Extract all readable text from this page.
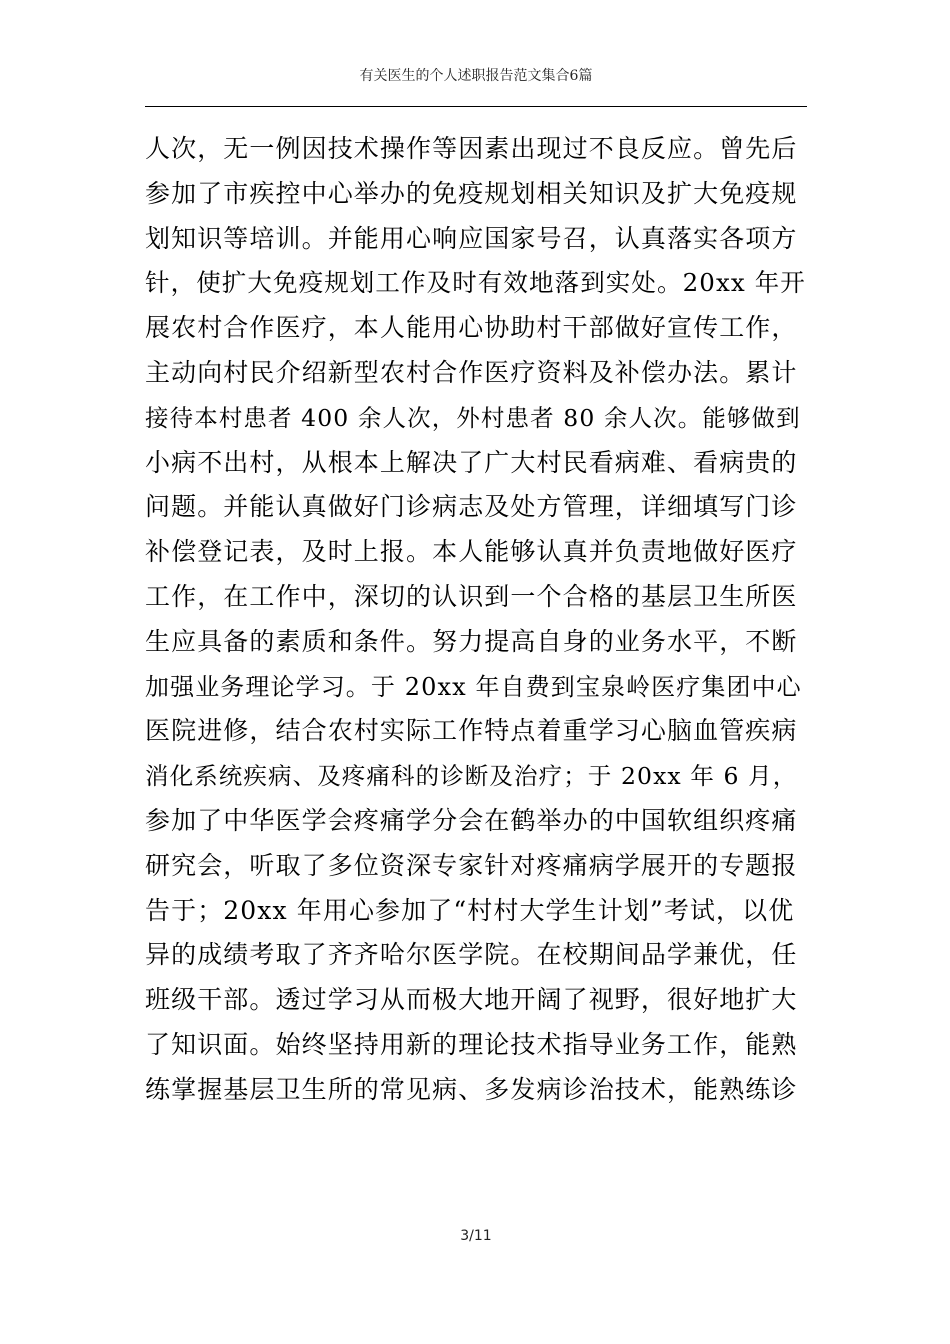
有关医生的个人述职报告范文集合6篇
人次，无一例因技术操作等因素出现过不良反应。曾先后
参加了市疾控中心举办的免疫规划相关知识及扩大免疫规
划知识等培训。并能用心响应国家号召，认真落实各项方
针，使扩大免疫规划工作及时有效地落到实处。20xx 年开
展农村合作医疗，本人能用心协助村干部做好宣传工作，
主动向村民介绍新型农村合作医疗资料及补偿办法。累计
接待本村患者 400 余人次，外村患者 80 余人次。能够做到
小病不出村，从根本上解决了广大村民看病难、看病贵的
问题。并能认真做好门诊病志及处方管理，详细填写门诊
补偿登记表，及时上报。本人能够认真并负责地做好医疗
工作，在工作中，深切的认识到一个合格的基层卫生所医
生应具备的素质和条件。努力提高自身的业务水平，不断
加强业务理论学习。于 20xx 年自费到宝泉岭医疗集团中心
医院进修，结合农村实际工作特点着重学习心脑血管疾病
消化系统疾病、及疼痛科的诊断及治疗；于 20xx 年 6 月，
参加了中华医学会疼痛学分会在鹤举办的中国软组织疼痛
研究会，听取了多位资深专家针对疼痛病学展开的专题报
告于；20xx 年用心参加了“村村大学生计划”考试，以优
异的成绩考取了齐齐哈尔医学院。在校期间品学兼优，任
班级干部。透过学习从而极大地开阔了视野，很好地扩大
了知识面。始终坚持用新的理论技术指导业务工作，能熟
练掌握基层卫生所的常见病、多发病诊治技术，能熟练诊
3/11
